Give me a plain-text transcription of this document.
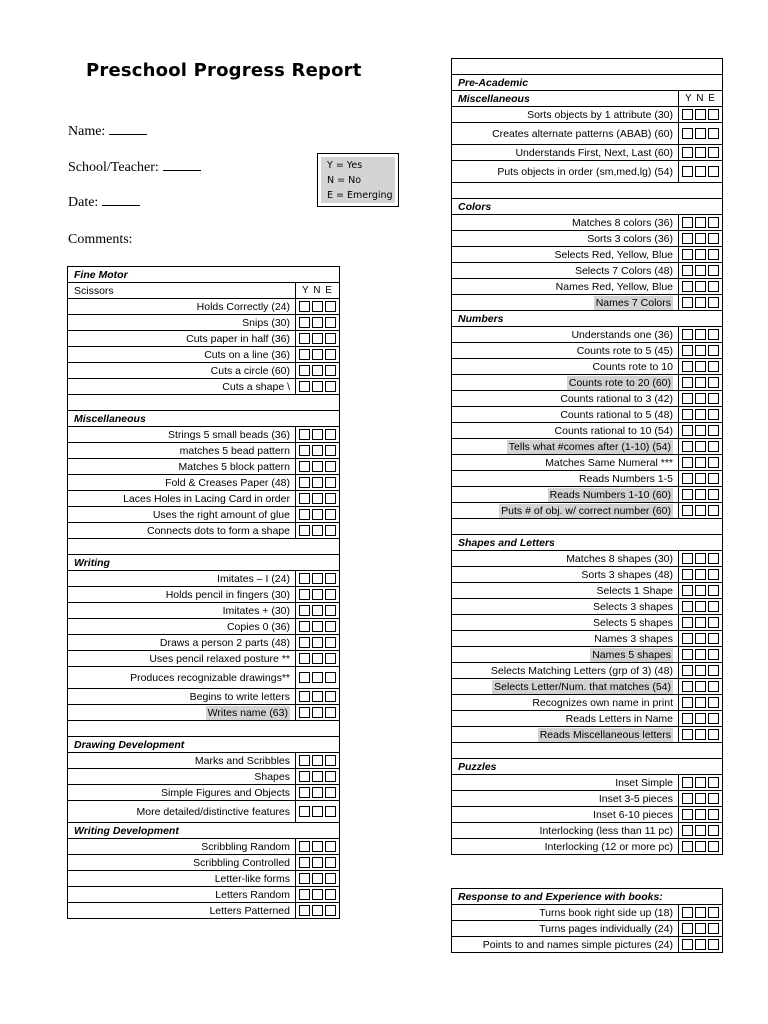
Preschool Progress Report
Name:
School/Teacher:
Date:
Comments:
Y = Yes
N = No
E = Emerging
Fine Motor	
Scissors	Y N E
Holds Correctly (24)	
Snips (30)	
Cuts paper in half (36)	
Cuts on a line (36)	
Cuts a circle (60)	
Cuts a shape \	

Miscellaneous	
Strings 5 small beads (36)	
matches 5 bead pattern	
Matches 5 block pattern	
Fold & Creases Paper (48)	
Laces Holes in Lacing Card in order	
Uses the right amount of glue	
Connects dots to form a shape	

Writing	
Imitates – I (24)	
Holds pencil in fingers (30)	
Imitates + (30)	
Copies 0 (36)	
Draws a person 2 parts (48)	
Uses pencil relaxed posture **	
Produces recognizable drawings**	
Begins to write letters	
Writes name (63)	

Drawing Development	
Marks and Scribbles	
Shapes	
Simple Figures and Objects	
More detailed/distinctive features	
Writing Development	
Scribbling Random	
Scribbling Controlled	
Letter-like forms	
Letters Random	
Letters Patterned	

Pre-Academic	
Miscellaneous	Y N E
Sorts objects by 1 attribute (30)	
Creates alternate patterns (ABAB) (60)	
Understands First, Next, Last (60)	
Puts objects in order (sm,med,lg) (54)	

Colors	
Matches 8 colors (36)	
Sorts 3 colors (36)	
Selects Red, Yellow, Blue	
Selects 7 Colors (48)	
Names Red, Yellow, Blue	
Names 7 Colors	
Numbers	
Understands one (36)	
Counts rote to 5 (45)	
Counts rote to 10	
Counts rote to 20 (60)	
Counts rational to 3 (42)	
Counts rational to 5 (48)	
Counts rational to 10 (54)	
Tells what #comes after (1-10) (54)	
Matches Same Numeral ***	
Reads Numbers 1-5	
Reads Numbers 1-10 (60)	
Puts # of obj. w/ correct number (60)	

Shapes and Letters	
Matches 8 shapes (30)	
Sorts 3 shapes (48)	
Selects 1 Shape	
Selects 3 shapes	
Selects 5 shapes	
Names 3 shapes	
Names 5 shapes	
Selects Matching Letters (grp of 3) (48)	
Selects Letter/Num. that matches (54)	
Recognizes own name in print	
Reads Letters in Name	
Reads Miscellaneous letters	

Puzzles	
Inset Simple	
Inset 3-5 pieces	
Inset 6-10 pieces	
Interlocking (less than 11 pc)	
Interlocking (12 or more pc)	
Response to and Experience with books:	
Turns book right side up (18)	
Turns pages individually (24)	
Points to and names simple pictures (24)	
